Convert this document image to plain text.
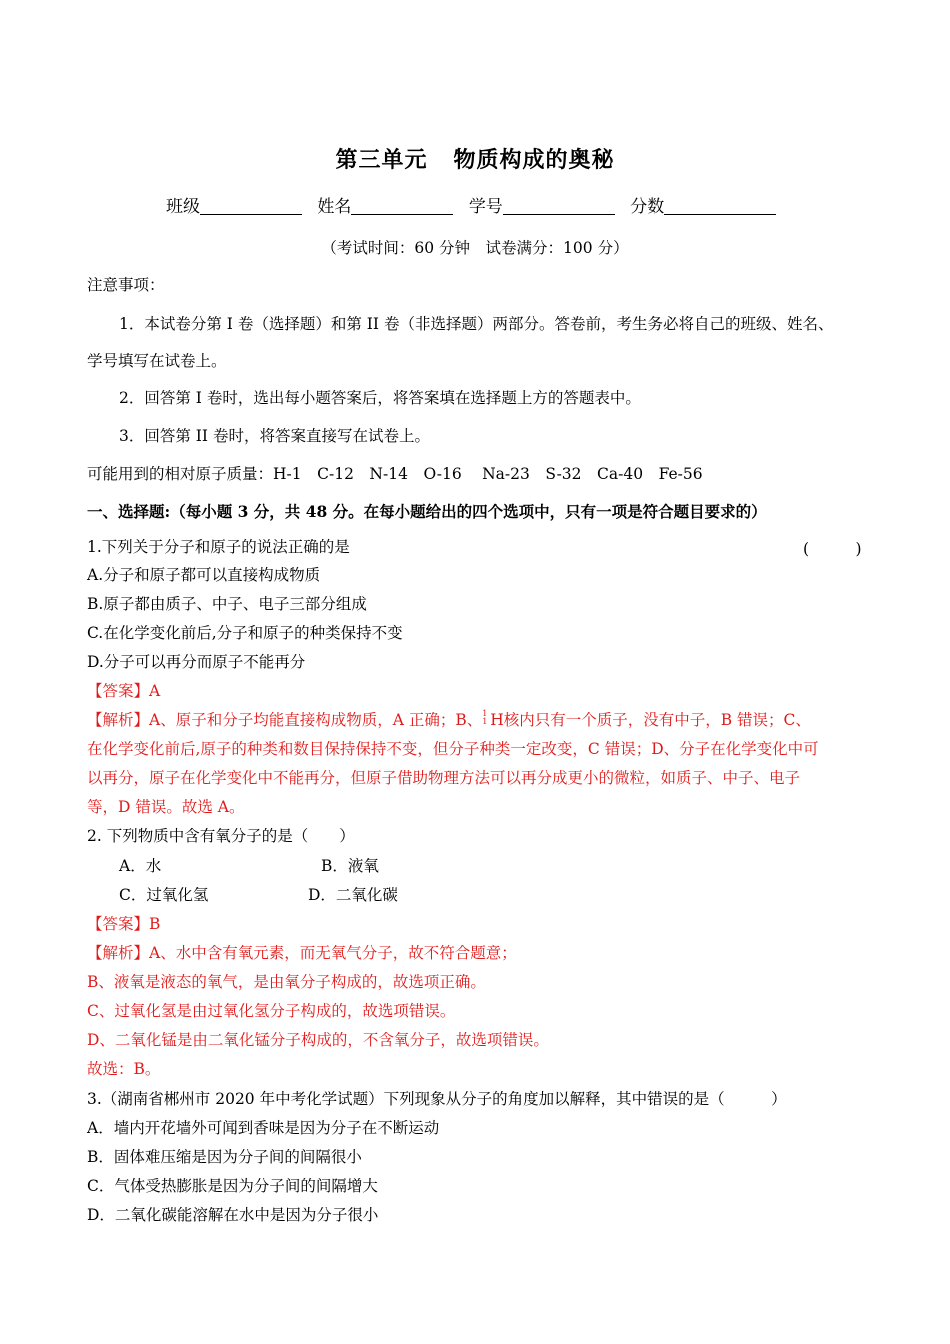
第三单元 物质构成的奥秘
班级	姓名	学号	分数
（考试时间：60 分钟　试卷满分：100 分）
注意事项：
1．本试卷分第 I 卷（选择题）和第 II 卷（非选择题）两部分。答卷前，考生务必将自己的班级、姓名、
学号填写在试卷上。
2．回答第 I 卷时，选出每小题答案后，将答案填在选择题上方的答题表中。
3．回答第 II 卷时，将答案直接写在试卷上。
可能用到的相对原子质量：H-1　C-12　N-14　O-16　 Na-23　S-32　Ca-40　Fe-56
一、选择题:（每小题 3 分，共 48 分。在每小题给出的四个选项中，只有一项是符合题目要求的）
1.下列关于分子和原子的说法正确的是	(　　　)
A.分子和原子都可以直接构成物质
B.原子都由质子、中子、电子三部分组成
C.在化学变化前后,分子和原子的种类保持不变
D.分子可以再分而原子不能再分
【答案】A
【解析】A、原子和分子均能直接构成物质，A 正确；B、 1
1 H核内只有一个质子，没有中子，B 错误；C、
在化学变化前后,原子的种类和数目保持保持不变，但分子种类一定改变，C 错误；D、分子在化学变化中可
以再分，原子在化学变化中不能再分，但原子借助物理方法可以再分成更小的微粒，如质子、中子、电子
等，D 错误。故选 A。
2. 下列物质中含有氧分子的是（　　）
A．水	B．液氧
C．过氧化氢	D．二氧化碳
【答案】B
【解析】A、水中含有氧元素，而无氧气分子，故不符合题意；
B、液氧是液态的氧气，是由氧分子构成的，故选项正确。
C、过氧化氢是由过氧化氢分子构成的，故选项错误。
D、二氧化锰是由二氧化锰分子构成的，不含氧分子，故选项错误。
故选：B。
3.（湖南省郴州市 2020 年中考化学试题）下列现象从分子的角度加以解释，其中错误的是（　　　）
A．墙内开花墙外可闻到香味是因为分子在不断运动
B．固体难压缩是因为分子间的间隔很小
C．气体受热膨胀是因为分子间的间隔增大
D．二氧化碳能溶解在水中是因为分子很小
